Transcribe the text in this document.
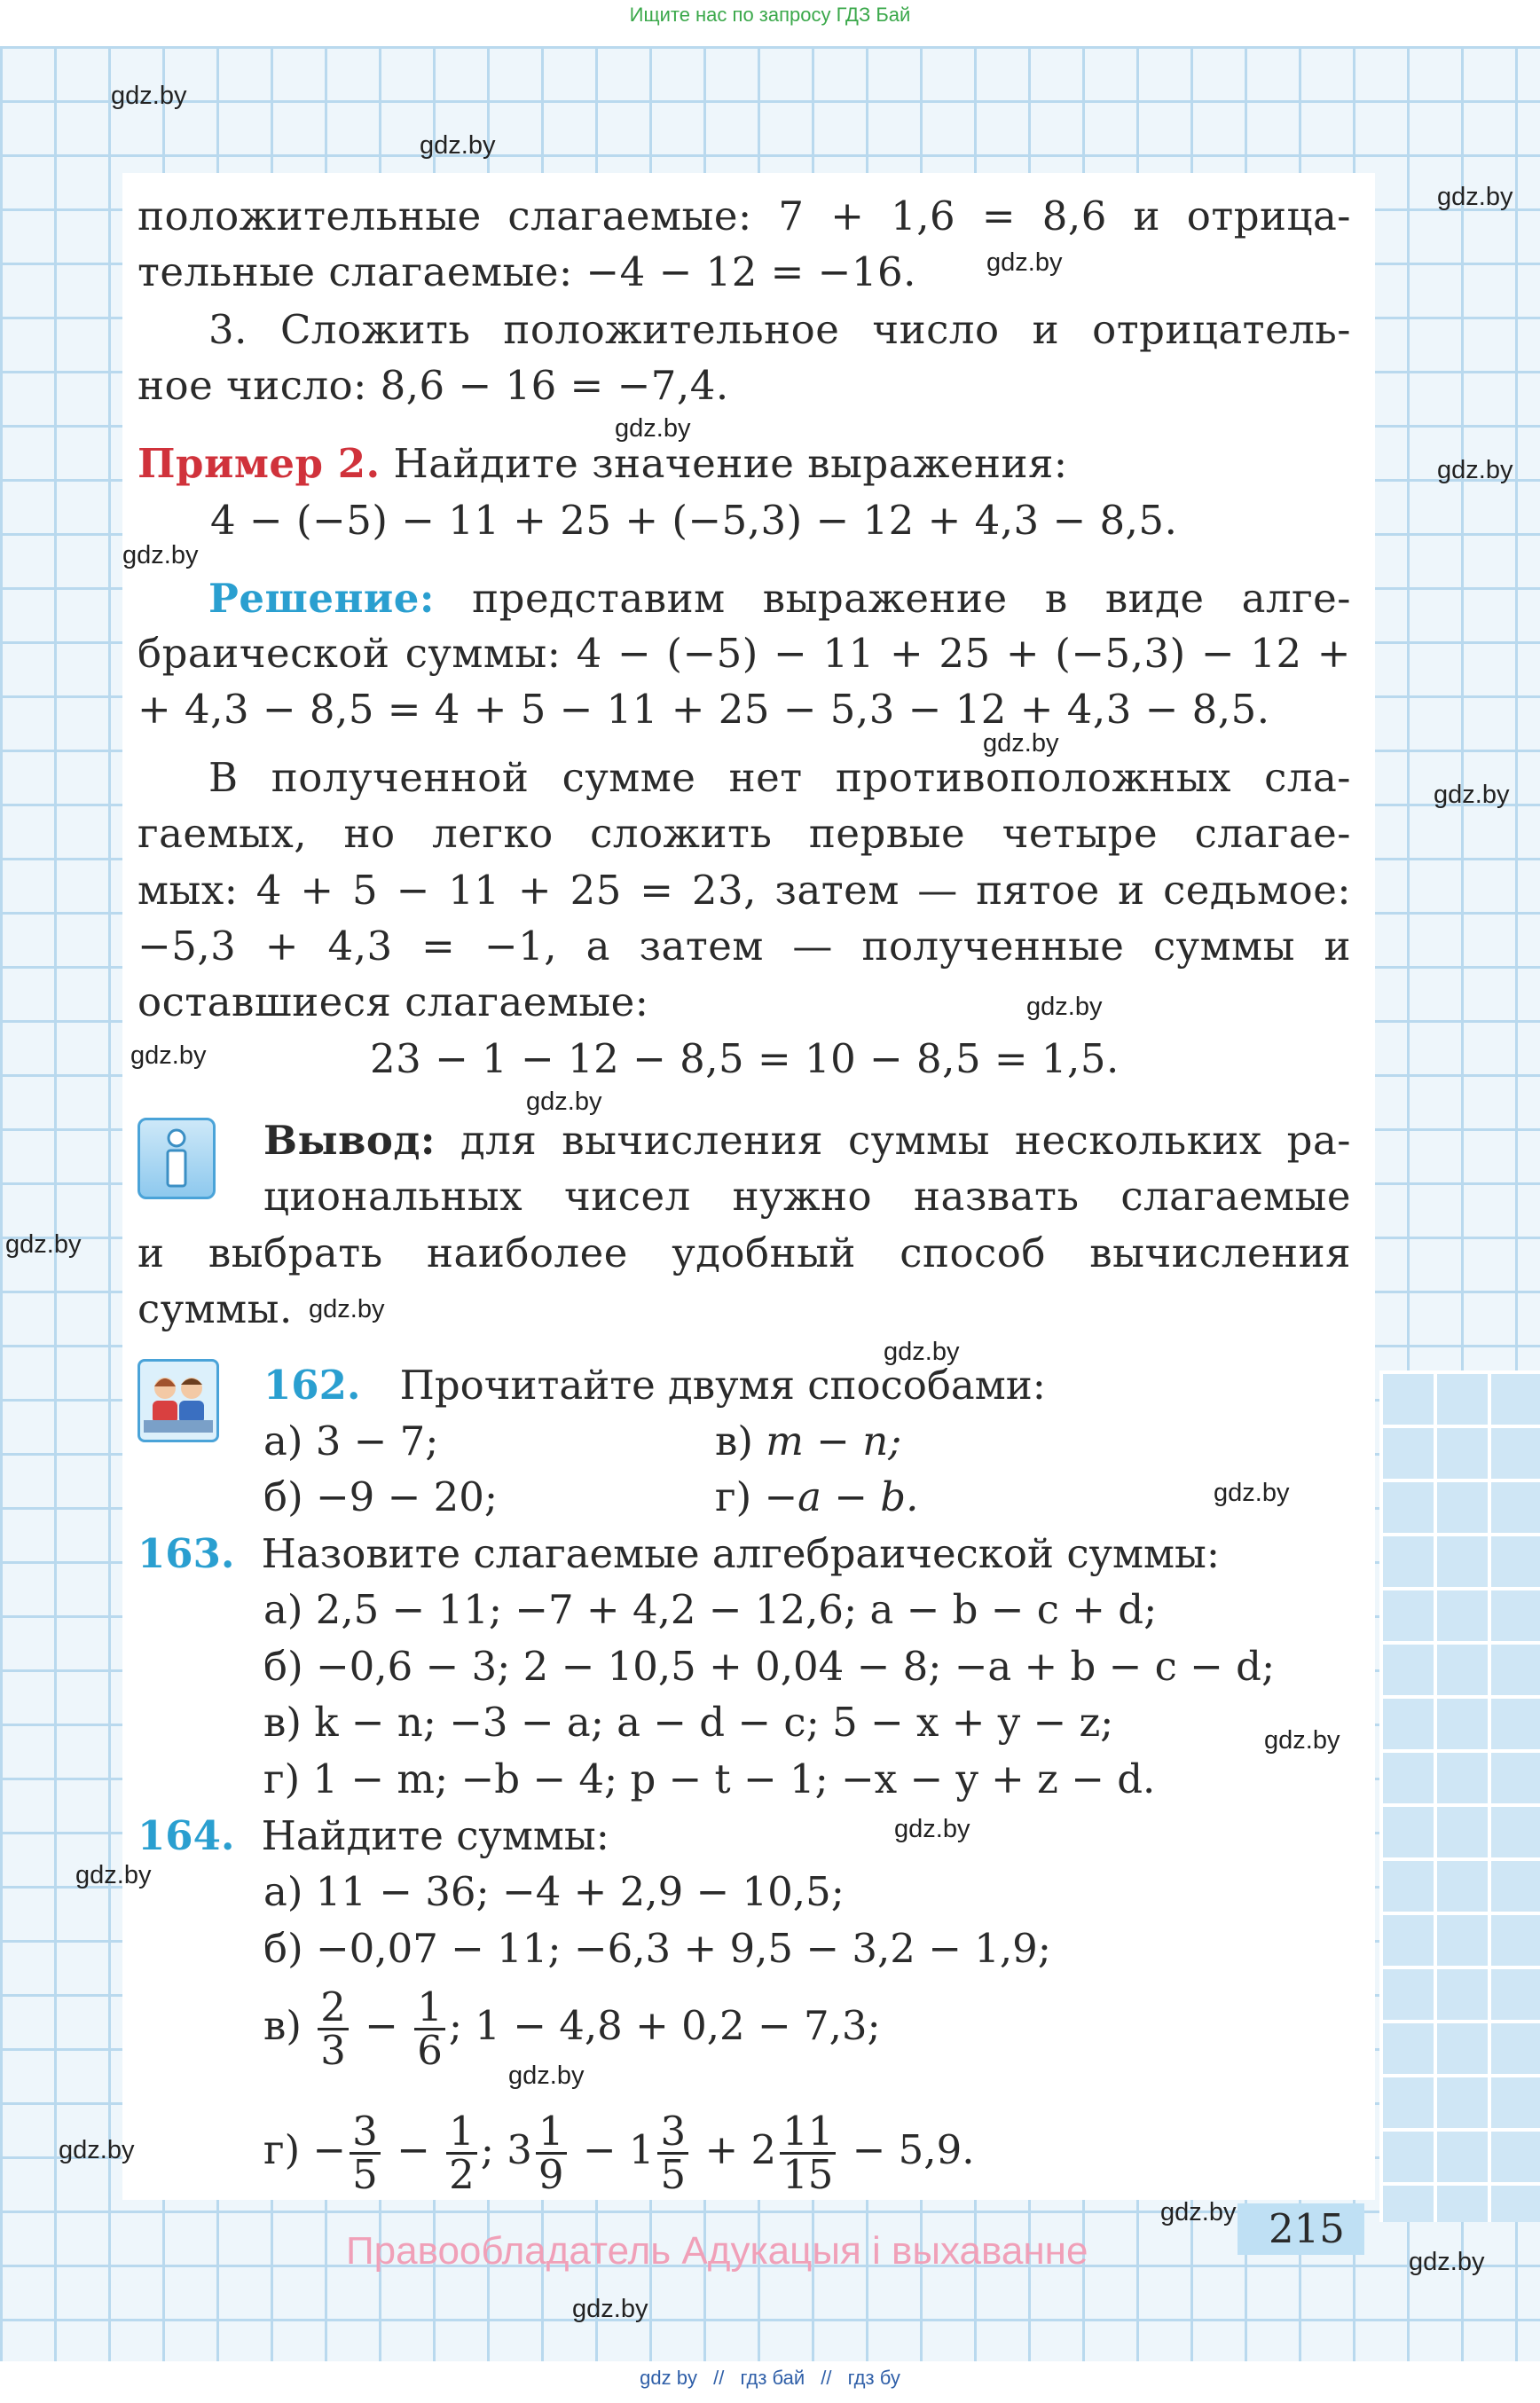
Ищите нас по запросу ГДЗ Бай
gdz.by
gdz.by
gdz.by
gdz.by
gdz.by
gdz.by
gdz.by
gdz.by
gdz.by
gdz.by
gdz.by
gdz.by
gdz.by
gdz.by
gdz.by
gdz.by
gdz.by
gdz.by
gdz.by
gdz.by
gdz.by
gdz.by
gdz.by
gdz.by
положительные слагаемые: 7 + 1,6 = 8,6 и отрица-
тельные слагаемые: −4 − 12 = −16.
3. Сложить положительное число и отрицатель-
ное число: 8,6 − 16 = −7,4.
Пример 2. Найдите значение выражения:
4 − (−5) − 11 + 25 + (−5,3) − 12 + 4,3 − 8,5.
Решение: представим выражение в виде алге-
браической суммы: 4 − (−5) − 11 + 25 + (−5,3) − 12 +
+ 4,3 − 8,5 = 4 + 5 − 11 + 25 − 5,3 − 12 + 4,3 − 8,5.
В полученной сумме нет противоположных сла-
гаемых, но легко сложить первые четыре слагае-
мых: 4 + 5 − 11 + 25 = 23, затем — пятое и седьмое:
−5,3 + 4,3 = −1, а затем — полученные суммы и
оставшиеся слагаемые:
23 − 1 − 12 − 8,5 = 10 − 8,5 = 1,5.
Вывод: для вычисления суммы нескольких ра-
циональных чисел нужно назвать слагаемые
и выбрать наиболее удобный способ вычисления
суммы.
162. Прочитайте двумя способами:
а) 3 − 7;	в) m − n;
б) −9 − 20;	г) −a − b.
163. Назовите слагаемые алгебраической суммы:
а) 2,5 − 11; −7 + 4,2 − 12,6; a − b − c + d;
б) −0,6 − 3; 2 − 10,5 + 0,04 − 8; −a + b − c − d;
в) k − n; −3 − a; a − d − c; 5 − x + y − z;
г) 1 − m; −b − 4; p − t − 1; −x − y + z − d.
164. Найдите суммы:
а) 11 − 36; −4 + 2,9 − 10,5;
б) −0,07 − 11; −6,3 + 9,5 − 3,2 − 1,9;
$в) \frac{2}{3} - \frac{1}{6}$ ; 1 − 4,8 + 0,2 − 7,3;
$г) - \frac{3}{5} - \frac{1}{2}$ ; $3 \frac{1}{9} - 1 \frac{3}{5} + 2 \frac{11}{15} - 5,9$.
215
Правообладатель Адукацыя і выхаванне
gdz by // гдз бай // гдз бу
